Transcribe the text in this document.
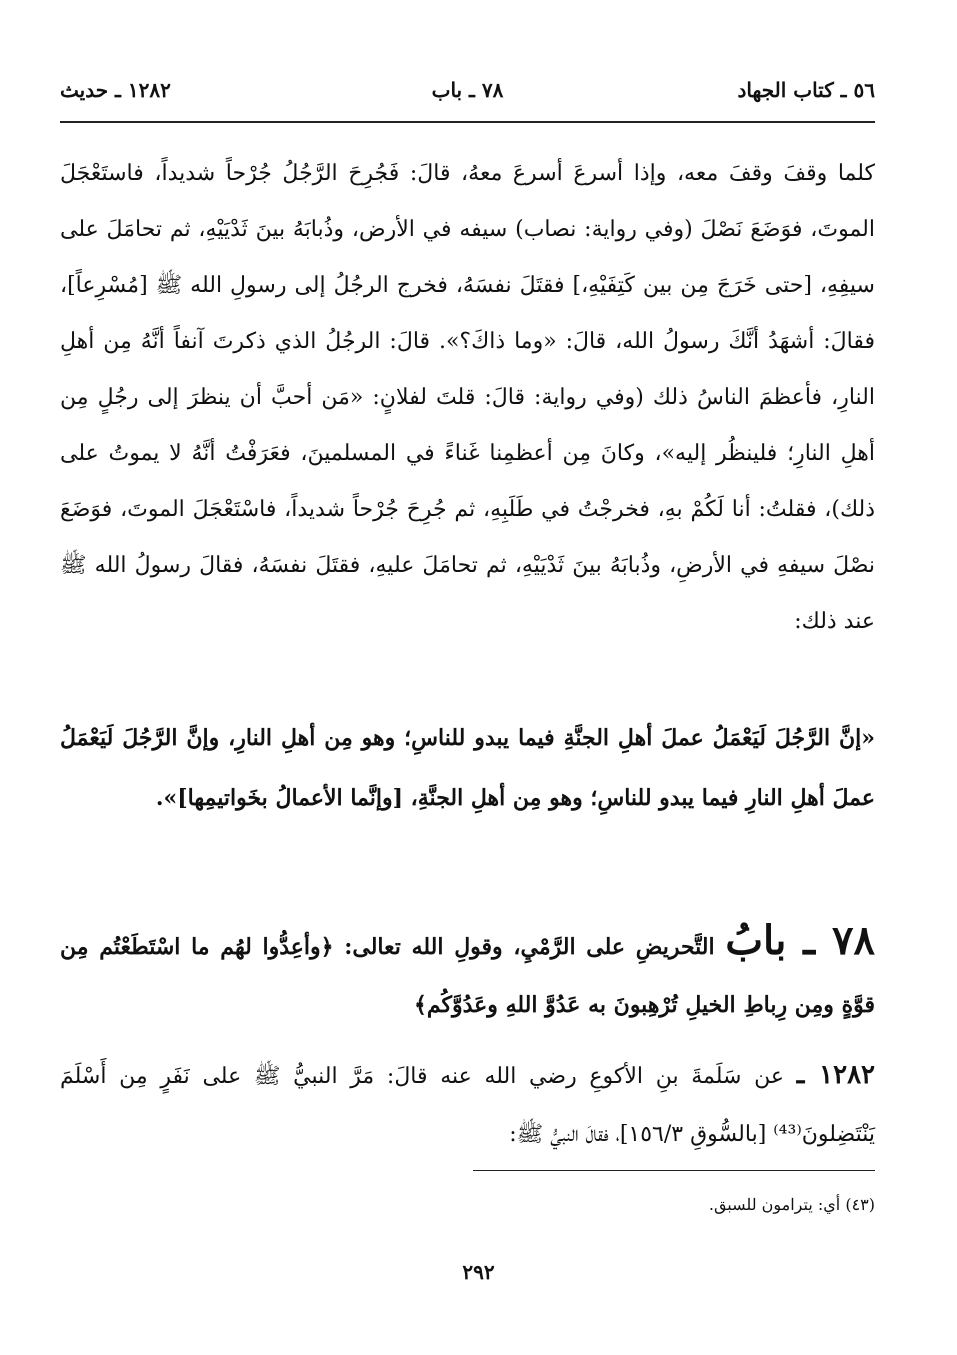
٥٦ ـ كتاب الجهاد
٧٨ ـ باب
١٢٨٢ ـ حديث
كلما وقفَ وقفَ معه، وإذا أسرعَ أسرعَ معهُ، قالَ: فَجُرِحَ الرَّجُلُ جُرْحاً شديداً، فاستَعْجَلَ الموتَ، فوَضَعَ نَصْلَ (وفي رواية: نصاب) سيفه في الأرض، وذُبابَهُ بينَ ثَدْيَيْهِ، ثم تحامَلَ على سيفِهِ، [حتى خَرَجَ مِن بين كَتِفَيْهِ،] فقتَلَ نفسَهُ، فخرج الرجُلُ إلى رسولِ الله ﷺ [مُسْرِعاً]، فقالَ: أشهَدُ أنَّكَ رسولُ الله، قالَ: «وما ذاكَ؟». قالَ: الرجُلُ الذي ذكرتَ آنفاً أنَّهُ مِن أهلِ النارِ، فأعظمَ الناسُ ذلك (وفي رواية: قالَ: قلتَ لفلانٍ: «مَن أحبَّ أن ينظرَ إلى رجُلٍ مِن أهلِ النارِ؛ فلينظُر إليه»، وكانَ مِن أعظمِنا غَناءً في المسلمينَ، فعَرَفْتُ أنَّهُ لا يموتُ على ذلك)، فقلتُ: أنا لَكُمْ بهِ، فخرجْتُ في طَلَبِهِ، ثم جُرِحَ جُرْحاً شديداً، فاسْتَعْجَلَ الموتَ، فوَضَعَ نصْلَ سيفهِ في الأرضِ، وذُبابَهُ بينَ ثَدْيَيْهِ، ثم تحامَلَ عليهِ، فقتَلَ نفسَهُ، فقالَ رسولُ الله ﷺ عند ذلك:
«إنَّ الرَّجُلَ لَيَعْمَلُ عملَ أهلِ الجنَّةِ فيما يبدو للناسِ؛ وهو مِن أهلِ النارِ، وإنَّ الرَّجُلَ لَيَعْمَلُ عملَ أهلِ النارِ فيما يبدو للناسِ؛ وهو مِن أهلِ الجنَّةِ، [وإنَّما الأعمالُ بخَواتيمِها]».
٧٨ ـ بابُ التَّحريضِ على الرَّمْيِ، وقولِ الله تعالى: ﴿وأعِدُّوا لهُم ما اسْتَطَعْتُم مِن قوَّةٍ ومِن رِباطِ الخيلِ تُرْهِبونَ به عَدُوَّ اللهِ وعَدُوَّكُم﴾
١٢٨٢ ـ عن سَلَمةَ بنِ الأكوعِ رضي الله عنه قالَ: مَرَّ النبيُّ ﷺ على نَفَرٍ مِن أَسْلَمَ يَنْتَضِلونَ⁽⁴³⁾ [بالسُّوقِ ١٥٦/٣]، فقالَ النبيُّ ﷺ:
(٤٣) أي: يترامون للسبق.
٢٩٢
